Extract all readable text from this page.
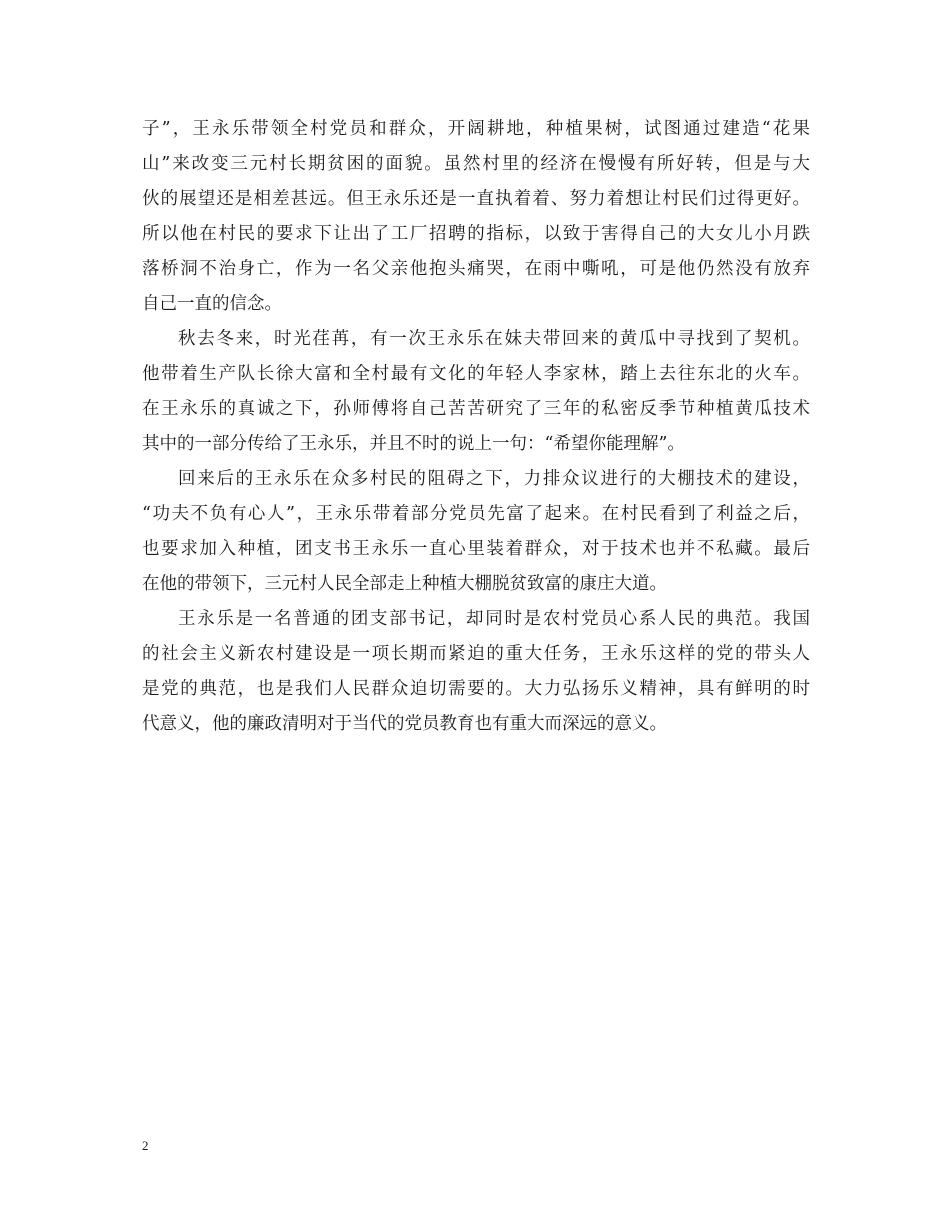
子”，王永乐带领全村党员和群众，开阔耕地，种植果树，试图通过建造“花果
山”来改变三元村长期贫困的面貌。虽然村里的经济在慢慢有所好转，但是与大
伙的展望还是相差甚远。但王永乐还是一直执着着、努力着想让村民们过得更好。
所以他在村民的要求下让出了工厂招聘的指标，以致于害得自己的大女儿小月跌
落桥洞不治身亡，作为一名父亲他抱头痛哭，在雨中嘶吼，可是他仍然没有放弃
自己一直的信念。
秋去冬来，时光荏苒，有一次王永乐在妹夫带回来的黄瓜中寻找到了契机。
他带着生产队长徐大富和全村最有文化的年轻人李家林，踏上去往东北的火车。
在王永乐的真诚之下，孙师傅将自己苦苦研究了三年的私密反季节种植黄瓜技术
其中的一部分传给了王永乐，并且不时的说上一句：“希望你能理解”。
回来后的王永乐在众多村民的阻碍之下，力排众议进行的大棚技术的建设，
“功夫不负有心人”，王永乐带着部分党员先富了起来。在村民看到了利益之后，
也要求加入种植，团支书王永乐一直心里装着群众，对于技术也并不私藏。最后
在他的带领下，三元村人民全部走上种植大棚脱贫致富的康庄大道。
王永乐是一名普通的团支部书记，却同时是农村党员心系人民的典范。我国
的社会主义新农村建设是一项长期而紧迫的重大任务，王永乐这样的党的带头人
是党的典范，也是我们人民群众迫切需要的。大力弘扬乐义精神，具有鲜明的时
代意义，他的廉政清明对于当代的党员教育也有重大而深远的意义。
2
